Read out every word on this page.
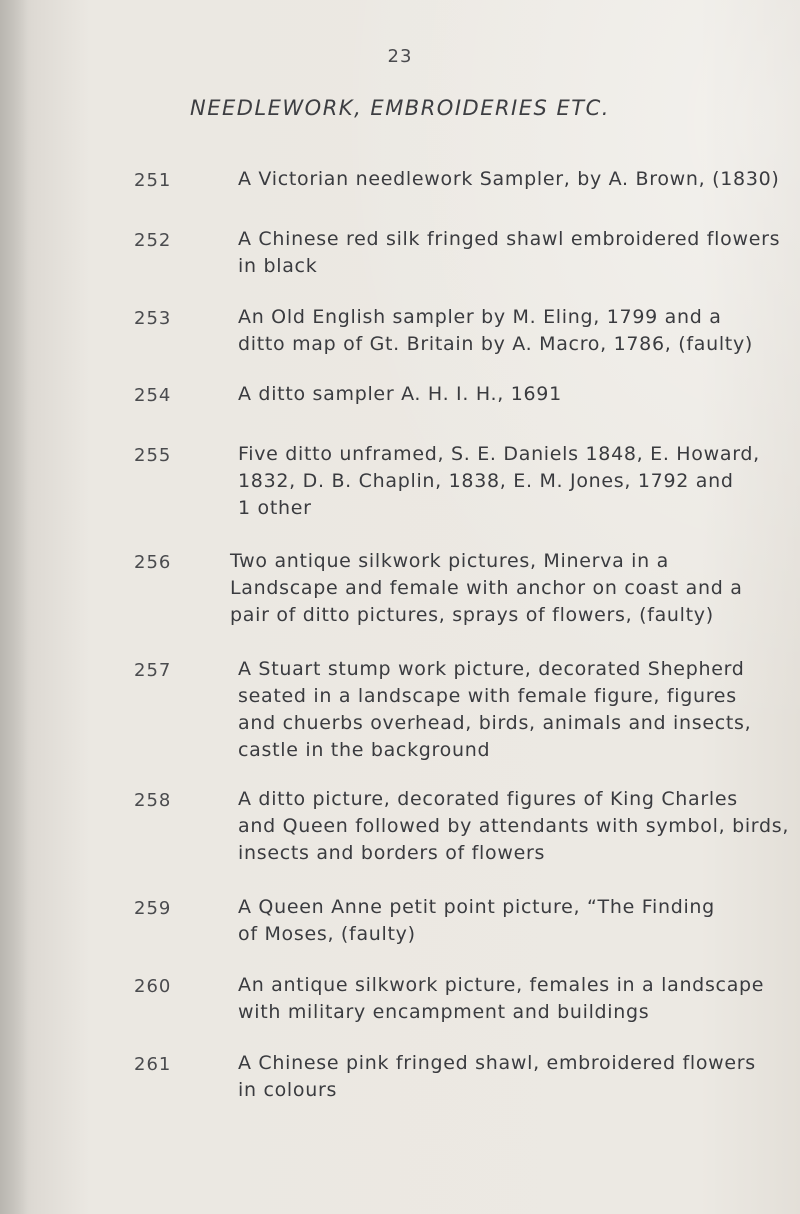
23
NEEDLEWORK, EMBROIDERIES ETC.
251	A Victorian needlework Sampler, by A. Brown, (1830)
252	A Chinese red silk fringed shawl embroidered flowers
in black
253	An Old English sampler by M. Eling, 1799 and a
ditto map of Gt. Britain by A. Macro, 1786, (faulty)
254	A ditto sampler A. H. I. H., 1691
255	Five ditto unframed, S. E. Daniels 1848, E. Howard,
1832, D. B. Chaplin, 1838, E. M. Jones, 1792 and
1 other
256	Two antique silkwork pictures, Minerva in a
Landscape and female with anchor on coast and a
pair of ditto pictures, sprays of flowers, (faulty)
257	A Stuart stump work picture, decorated Shepherd
seated in a landscape with female figure, figures
and chuerbs overhead, birds, animals and insects,
castle in the background
258	A ditto picture, decorated figures of King Charles
and Queen followed by attendants with symbol, birds,
insects and borders of flowers
259	A Queen Anne petit point picture, “The Finding
of Moses, (faulty)
260	An antique silkwork picture, females in a landscape
with military encampment and buildings
261	A Chinese pink fringed shawl, embroidered flowers
in colours
